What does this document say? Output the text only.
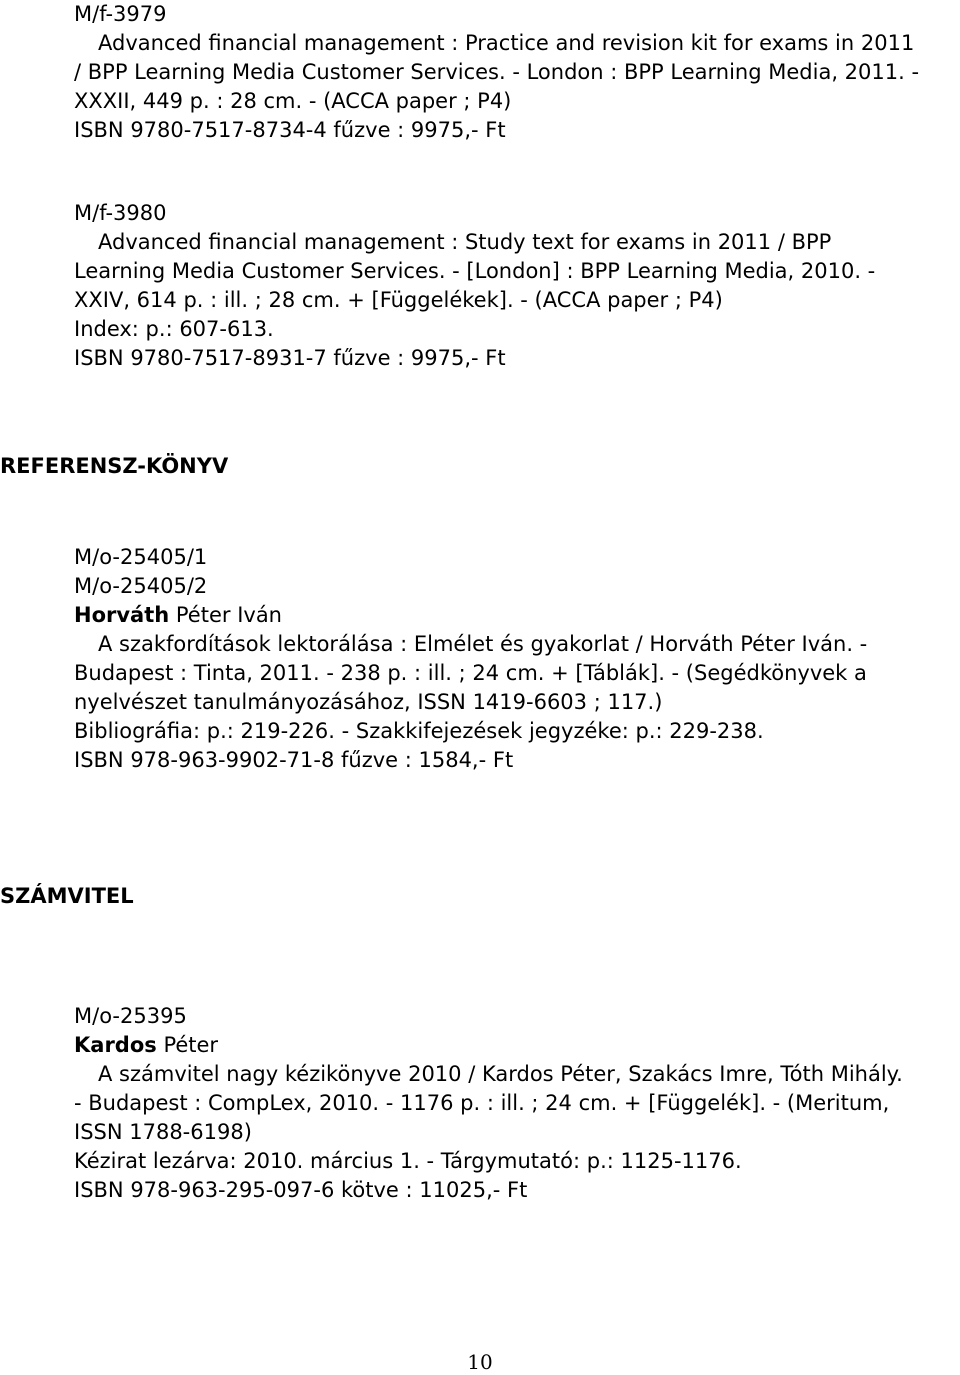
M/f-3979
Advanced financial management : Practice and revision kit for exams in 2011
/ BPP Learning Media Customer Services. - London : BPP Learning Media, 2011. -
XXXII, 449 p. : 28 cm. - (ACCA paper ; P4)
ISBN 9780-7517-8734-4 fűzve : 9975,- Ft
M/f-3980
Advanced financial management : Study text for exams in 2011 / BPP
Learning Media Customer Services. - [London] : BPP Learning Media, 2010. -
XXIV, 614 p. : ill. ; 28 cm. + [Függelékek]. - (ACCA paper ; P4)
Index: p.: 607-613.
ISBN 9780-7517-8931-7 fűzve : 9975,- Ft
REFERENSZ-KÖNYV
M/o-25405/1
M/o-25405/2
Horváth Péter Iván
A szakfordítások lektorálása : Elmélet és gyakorlat / Horváth Péter Iván. -
Budapest : Tinta, 2011. - 238 p. : ill. ; 24 cm. + [Táblák]. - (Segédkönyvek a
nyelvészet tanulmányozásához, ISSN 1419-6603 ; 117.)
Bibliográfia: p.: 219-226. - Szakkifejezések jegyzéke: p.: 229-238.
ISBN 978-963-9902-71-8 fűzve : 1584,- Ft
SZÁMVITEL
M/o-25395
Kardos Péter
A számvitel nagy kézikönyve 2010 / Kardos Péter, Szakács Imre, Tóth Mihály.
- Budapest : CompLex, 2010. - 1176 p. : ill. ; 24 cm. + [Függelék]. - (Meritum,
ISSN 1788-6198)
Kézirat lezárva: 2010. március 1. - Tárgymutató: p.: 1125-1176.
ISBN 978-963-295-097-6 kötve : 11025,- Ft
10
